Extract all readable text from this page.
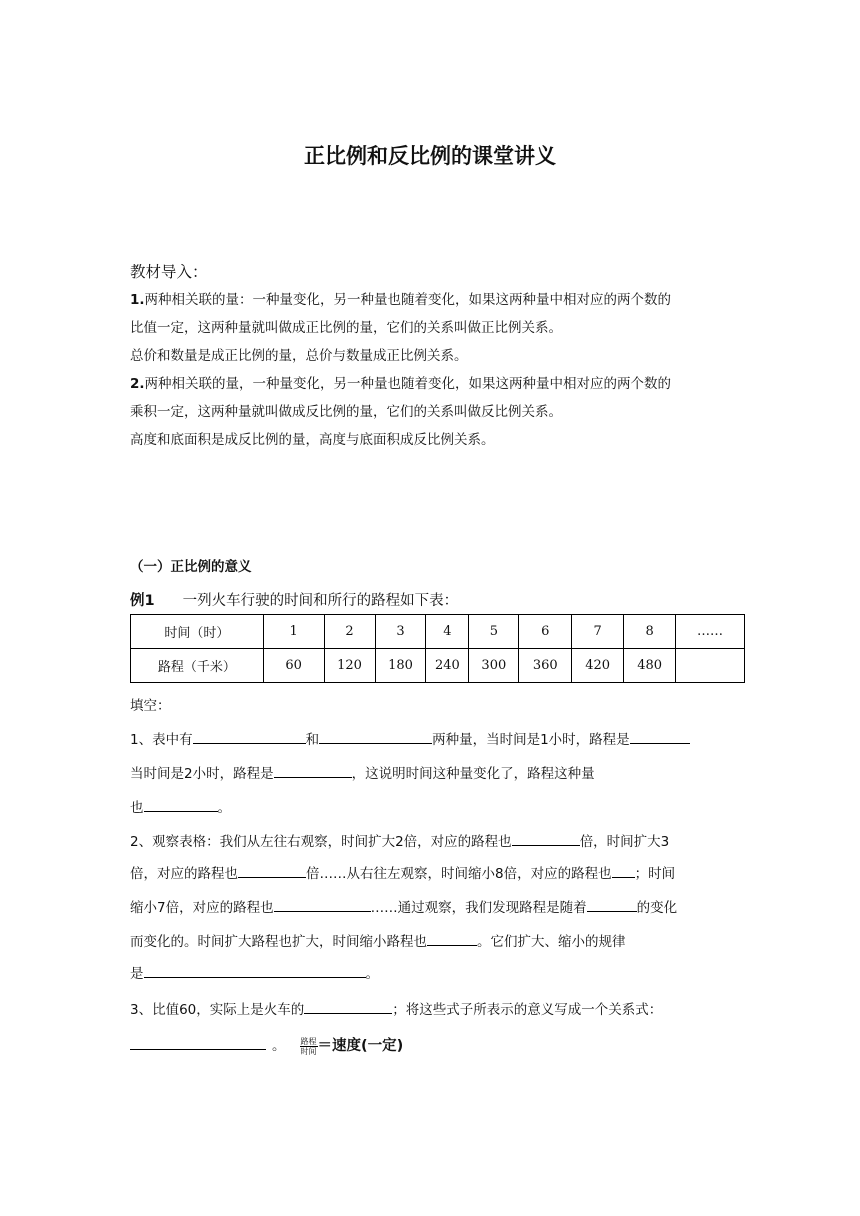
正比例和反比例的课堂讲义
教材导入：
1.两种相关联的量：一种量变化，另一种量也随着变化，如果这两种量中相对应的两个数的
比值一定，这两种量就叫做成正比例的量，它们的关系叫做正比例关系。
总价和数量是成正比例的量，总价与数量成正比例关系。
2.两种相关联的量，一种量变化，另一种量也随着变化，如果这两种量中相对应的两个数的
乘积一定，这两种量就叫做成反比例的量，它们的关系叫做反比例关系。
高度和底面积是成反比例的量，高度与底面积成反比例关系。
（一）正比例的意义
例1 一列火车行驶的时间和所行的路程如下表：
时间（时）	1	2	3	4	5	6	7	8	……
路程（千米）	60	120	180	240	300	360	420	480	
填空：
1、表中有	和	两种量，当时间是1小时，路程是
当时间是2小时，路程是	，这说明时间这种量变化了，路程这种量
也	。
2、观察表格：我们从左往右观察，时间扩大2倍，对应的路程也	倍，时间扩大3
倍，对应的路程也	倍……从右往左观察，时间缩小8倍，对应的路程也 ；时间
缩小7倍，对应的路程也	……通过观察，我们发现路程是随着	的变化
而变化的。时间扩大路程也扩大，时间缩小路程也	。它们扩大、缩小的规律
是	。
3、比值60，实际上是火车的	；将这些式子所表示的意义写成一个关系式：
。 $\frac{\text{路程}}{\text{时间}}$ ＝速度(一定)
